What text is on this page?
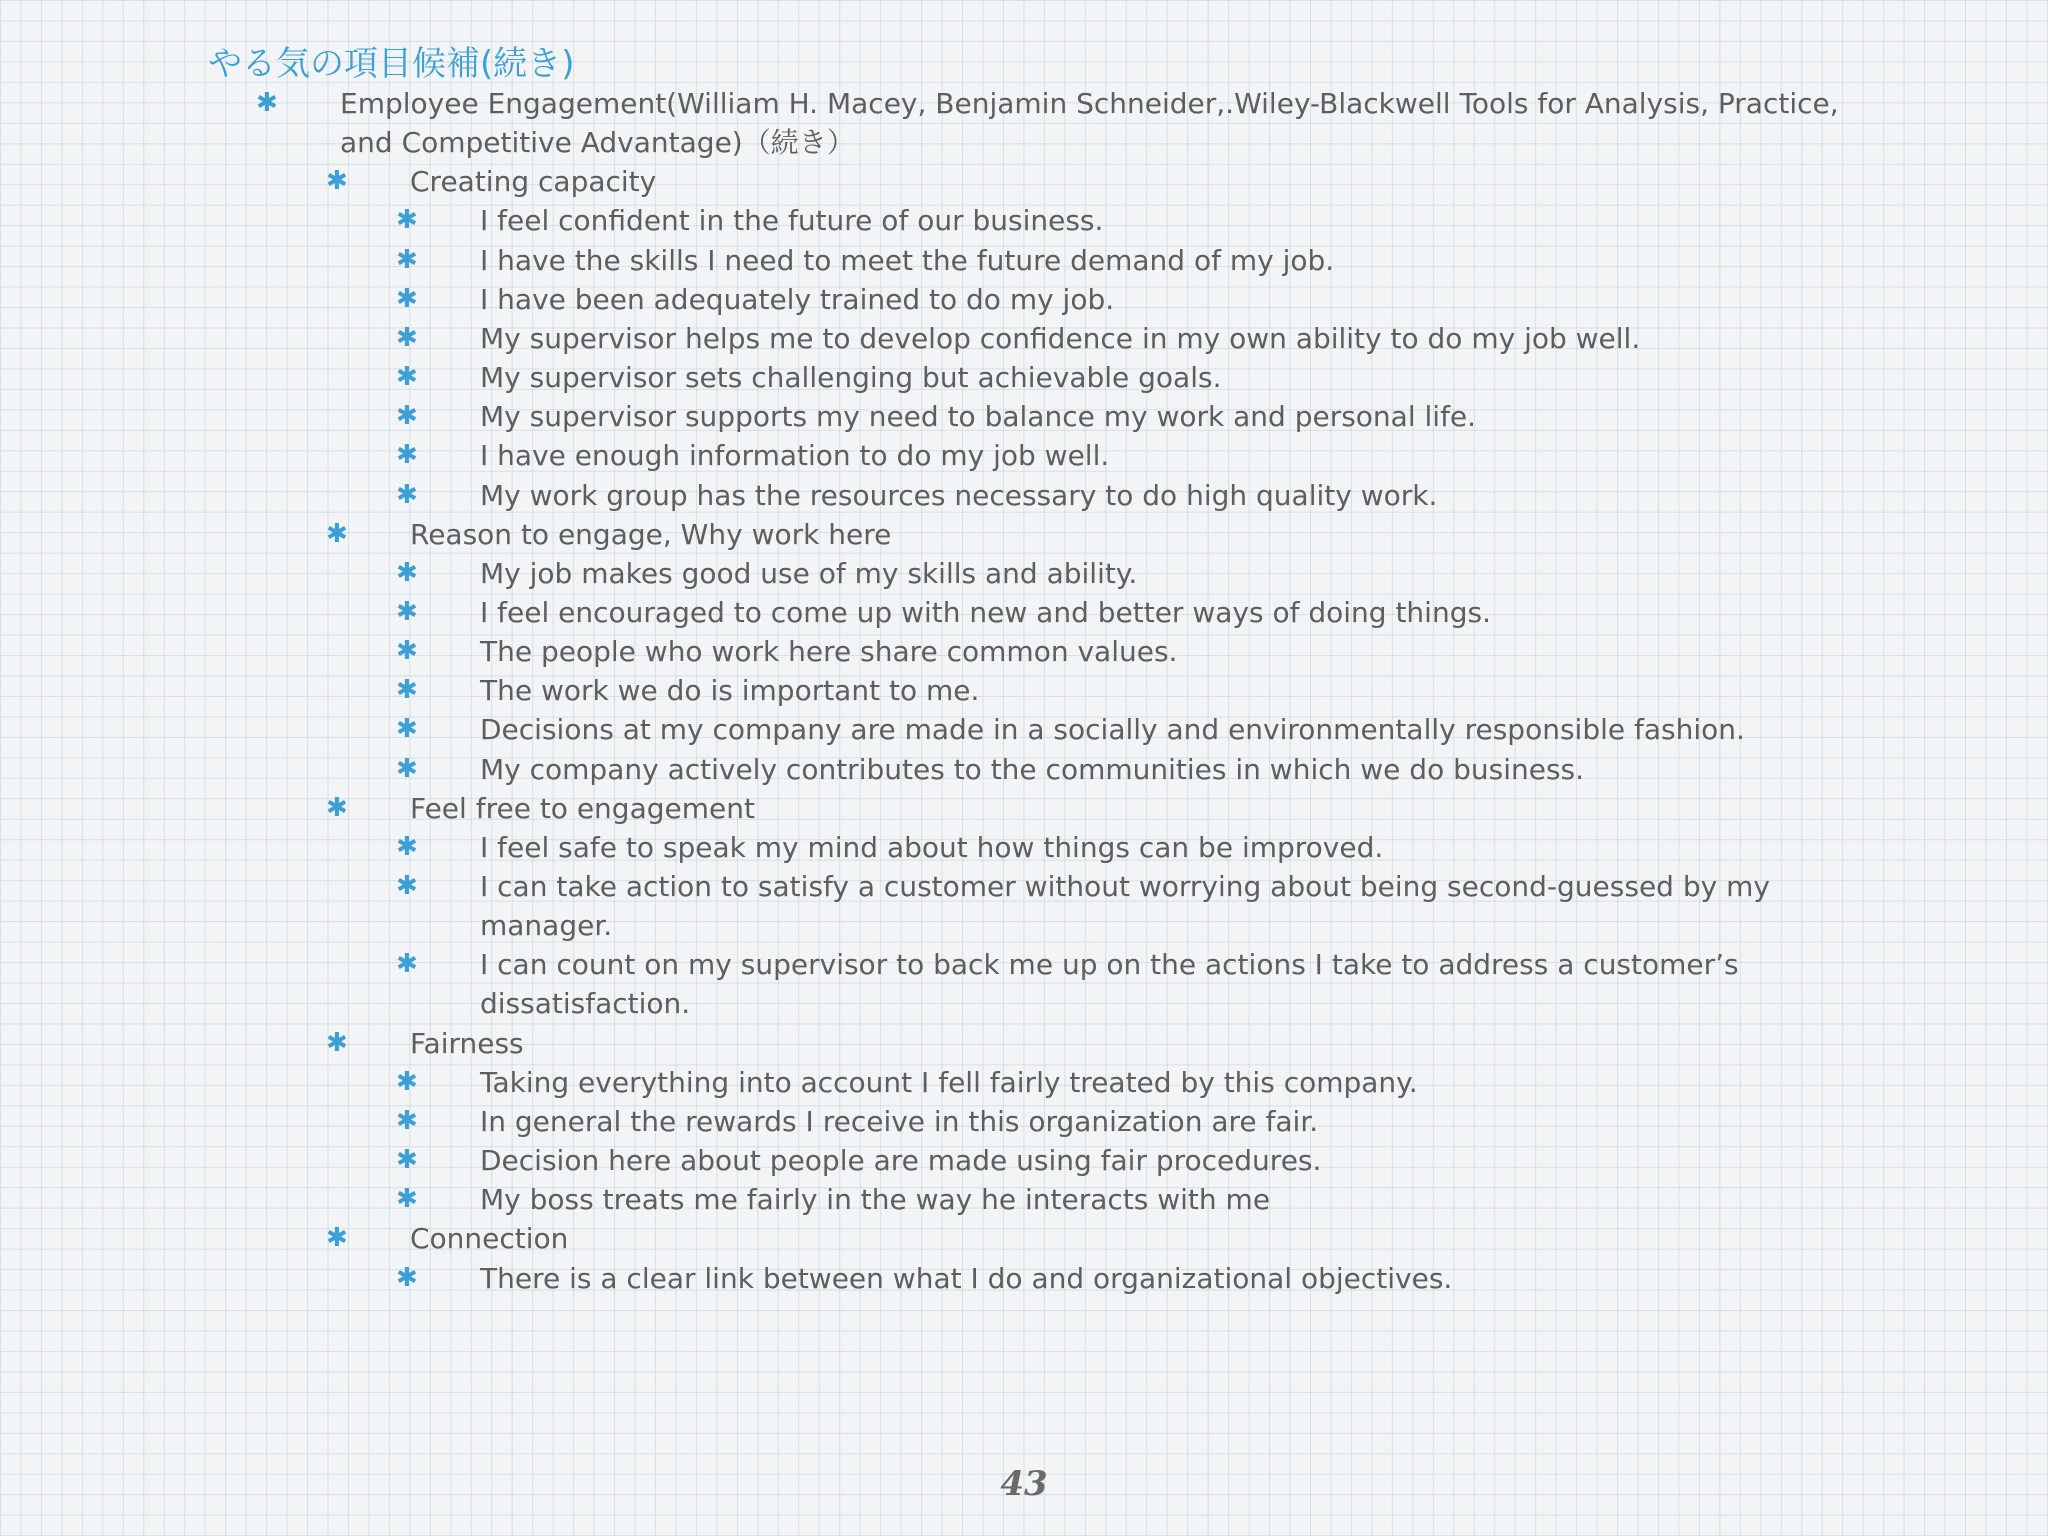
やる気の項目候補(続き)
✱ Employee Engagement(William H. Macey, Benjamin Schneider,.Wiley-Blackwell Tools for Analysis, Practice,
and Competitive Advantage)（続き）
✱ Creating capacity
✱ I feel confident in the future of our business.
✱ I have the skills I need to meet the future demand of my job.
✱ I have been adequately trained to do my job.
✱ My supervisor helps me to develop confidence in my own ability to do my job well.
✱ My supervisor sets challenging but achievable goals.
✱ My supervisor supports my need to balance my work and personal life.
✱ I have enough information to do my job well.
✱ My work group has the resources necessary to do high quality work.
✱ Reason to engage, Why work here
✱ My job makes good use of my skills and ability.
✱ I feel encouraged to come up with new and better ways of doing things.
✱ The people who work here share common values.
✱ The work we do is important to me.
✱ Decisions at my company are made in a socially and environmentally responsible fashion.
✱ My company actively contributes to the communities in which we do business.
✱ Feel free to engagement
✱ I feel safe to speak my mind about how things can be improved.
✱ I can take action to satisfy a customer without worrying about being second-guessed by my
manager.
✱ I can count on my supervisor to back me up on the actions I take to address a customer’s
dissatisfaction.
✱ Fairness
✱ Taking everything into account I fell fairly treated by this company.
✱ In general the rewards I receive in this organization are fair.
✱ Decision here about people are made using fair procedures.
✱ My boss treats me fairly in the way he interacts with me
✱ Connection
✱ There is a clear link between what I do and organizational objectives.
43
